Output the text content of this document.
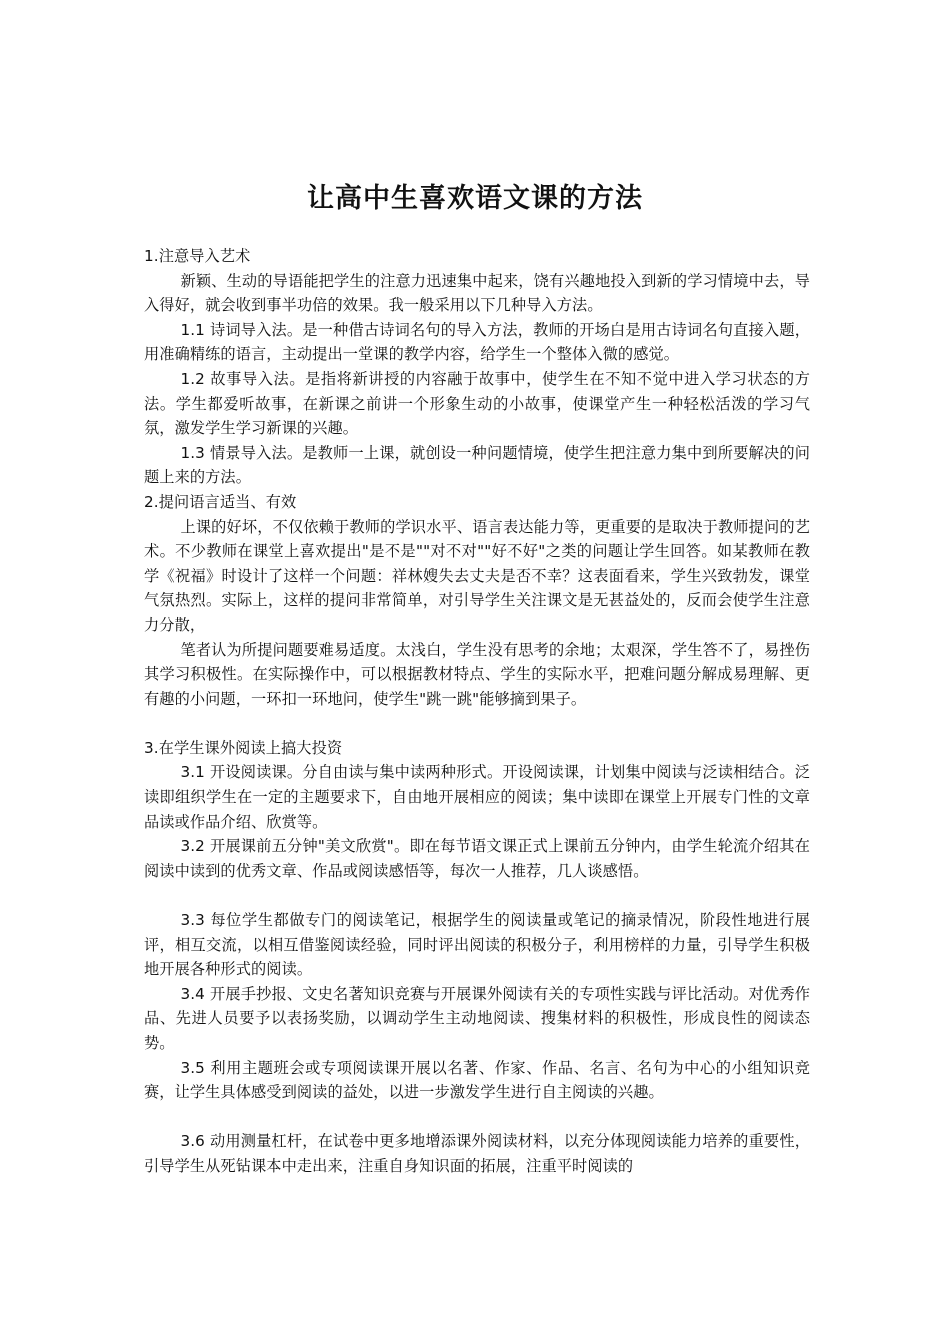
让高中生喜欢语文课的方法

1.注意导入艺术

新颖、生动的导语能把学生的注意力迅速集中起来，饶有兴趣地投入到新的学习情境中去，导入得好，就会收到事半功倍的效果。我一般采用以下几种导入方法。

1.1 诗词导入法。是一种借古诗词名句的导入方法，教师的开场白是用古诗词名句直接入题，用准确精练的语言，主动提出一堂课的教学内容，给学生一个整体入微的感觉。

1.2 故事导入法。是指将新讲授的内容融于故事中，使学生在不知不觉中进入学习状态的方法。学生都爱听故事，在新课之前讲一个形象生动的小故事，使课堂产生一种轻松活泼的学习气氛，激发学生学习新课的兴趣。

1.3 情景导入法。是教师一上课，就创设一种问题情境，使学生把注意力集中到所要解决的问题上来的方法。

2.提问语言适当、有效

上课的好坏，不仅依赖于教师的学识水平、语言表达能力等，更重要的是取决于教师提问的艺术。不少教师在课堂上喜欢提出"是不是""对不对""好不好"之类的问题让学生回答。如某教师在教学《祝福》时设计了这样一个问题：祥林嫂失去丈夫是否不幸？这表面看来，学生兴致勃发，课堂气氛热烈。实际上，这样的提问非常简单，对引导学生关注课文是无甚益处的，反而会使学生注意力分散，

笔者认为所提问题要难易适度。太浅白，学生没有思考的余地；太艰深，学生答不了，易挫伤其学习积极性。在实际操作中，可以根据教材特点、学生的实际水平，把难问题分解成易理解、更有趣的小问题，一环扣一环地问，使学生"跳一跳"能够摘到果子。

3.在学生课外阅读上搞大投资

3.1 开设阅读课。分自由读与集中读两种形式。开设阅读课，计划集中阅读与泛读相结合。泛读即组织学生在一定的主题要求下，自由地开展相应的阅读；集中读即在课堂上开展专门性的文章品读或作品介绍、欣赏等。

3.2 开展课前五分钟"美文欣赏"。即在每节语文课正式上课前五分钟内，由学生轮流介绍其在阅读中读到的优秀文章、作品或阅读感悟等，每次一人推荐，几人谈感悟。

3.3 每位学生都做专门的阅读笔记，根据学生的阅读量或笔记的摘录情况，阶段性地进行展评，相互交流，以相互借鉴阅读经验，同时评出阅读的积极分子，利用榜样的力量，引导学生积极地开展各种形式的阅读。

3.4 开展手抄报、文史名著知识竞赛与开展课外阅读有关的专项性实践与评比活动。对优秀作品、先进人员要予以表扬奖励，以调动学生主动地阅读、搜集材料的积极性，形成良性的阅读态势。

3.5 利用主题班会或专项阅读课开展以名著、作家、作品、名言、名句为中心的小组知识竞赛，让学生具体感受到阅读的益处，以进一步激发学生进行自主阅读的兴趣。

3.6 动用测量杠杆，在试卷中更多地增添课外阅读材料，以充分体现阅读能力培养的重要性，引导学生从死钻课本中走出来，注重自身知识面的拓展，注重平时阅读的
